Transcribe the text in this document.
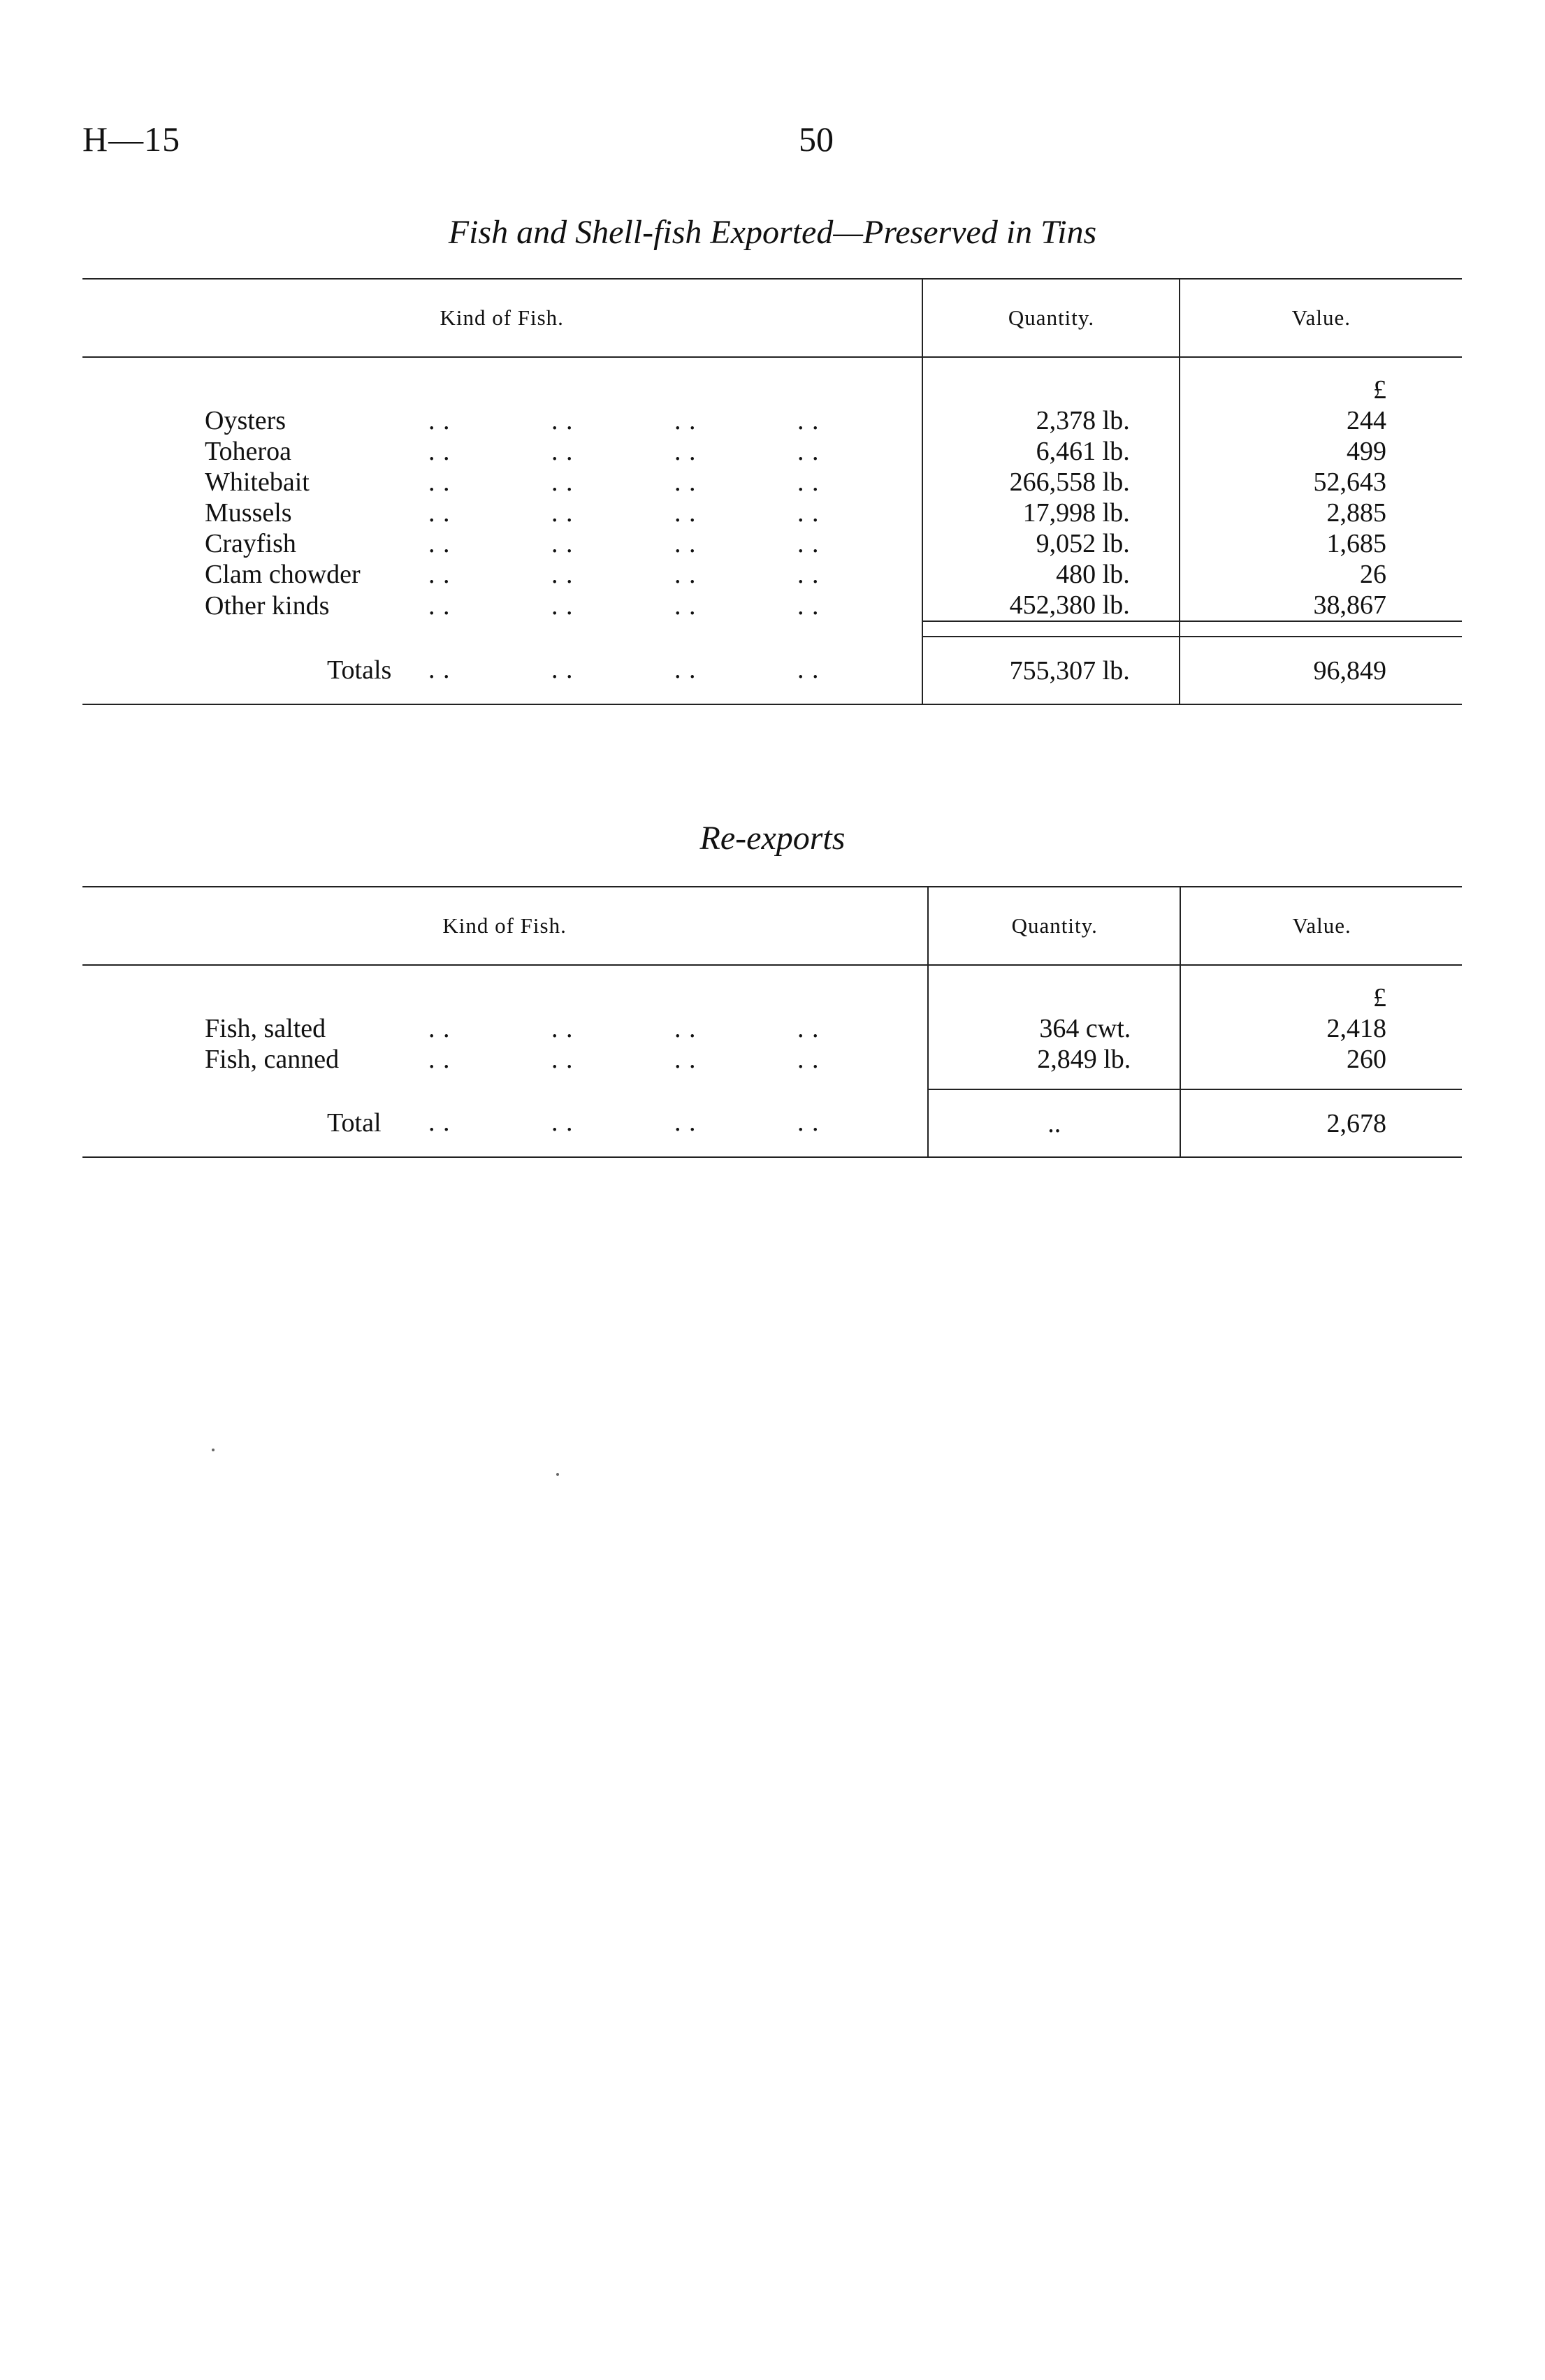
H—15	50
Fish and Shell-fish Exported—Preserved in Tins
Kind of Fish.	Quantity.	Value.

		£
Oysters . . . . . . . .	2,378 lb.	244
Toheroa . . . . . . . .	6,461 lb.	499
Whitebait . . . . . . . .	266,558 lb.	52,643
Mussels . . . . . . . .	17,998 lb.	2,885
Crayfish . . . . . . . .	9,052 lb.	1,685
Clam chowder . . . . . . . .	480 lb.	26
Other kinds . . . . . . . .	452,380 lb.	38,867

Totals . . . . . . . .	755,307 lb.	96,849

Re-exports
Kind of Fish.	Quantity.	Value.

		£
Fish, salted . . . . . . . .	364 cwt.	2,418
Fish, canned . . . . . . . .	2,849 lb.	260

Total . . . . . . . .	..	2,678
